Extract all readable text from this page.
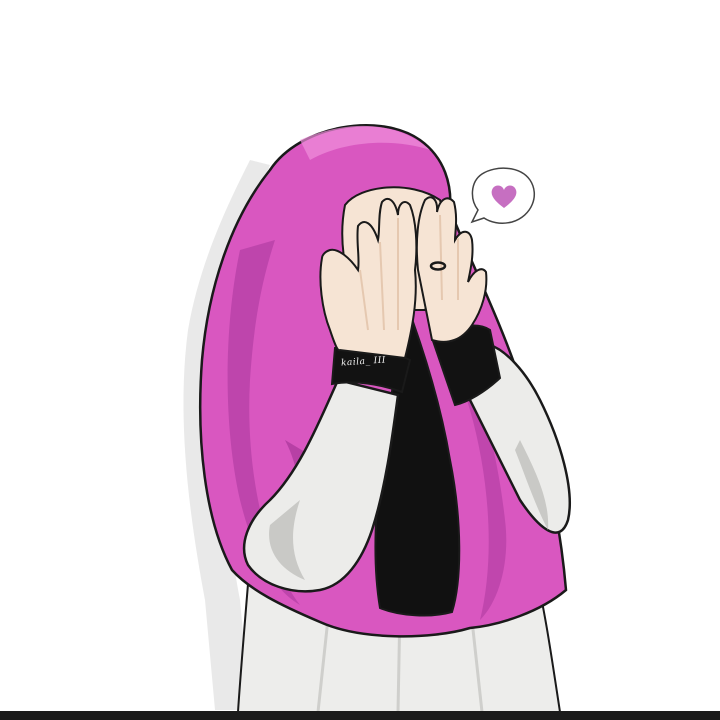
kaila_ III
